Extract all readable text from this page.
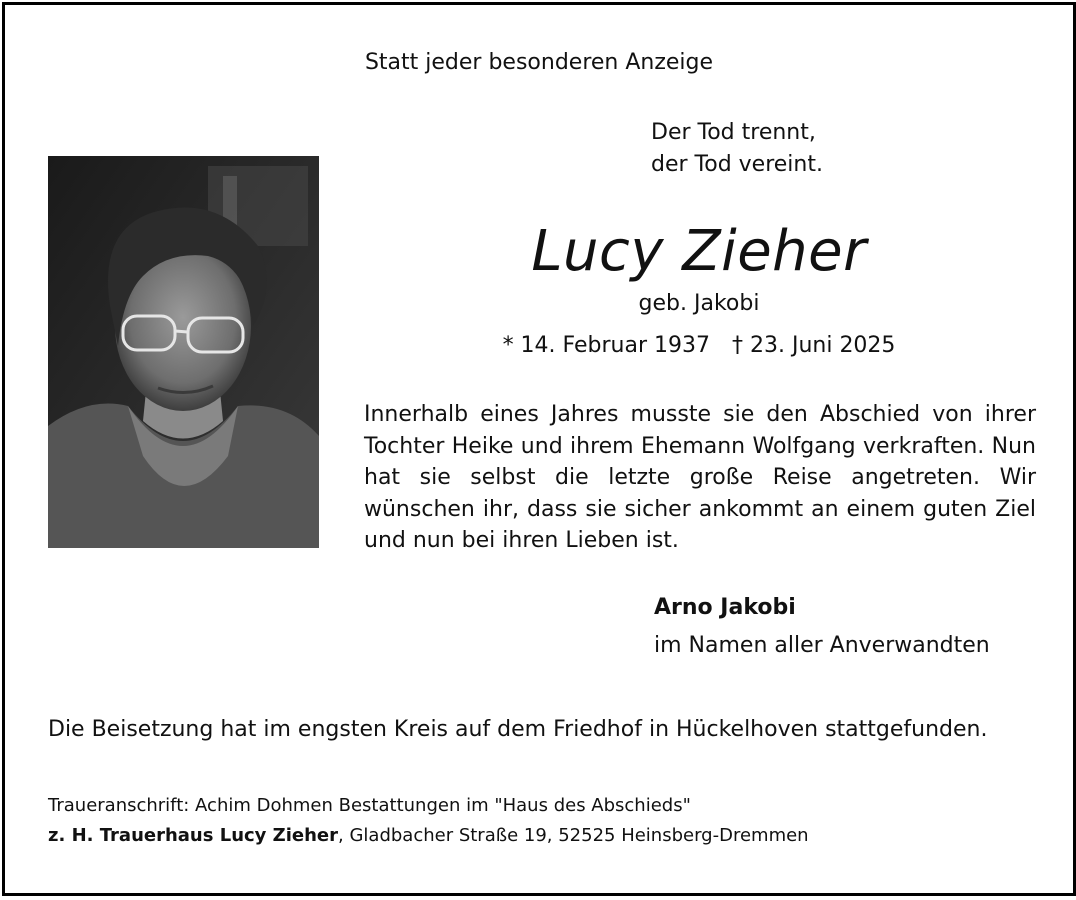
Statt jeder besonderen Anzeige
Der Tod trennt,
der Tod vereint.
Lucy Zieher
geb. Jakobi
* 14. Februar 1937 † 23. Juni 2025
Innerhalb eines Jahres musste sie den Abschied von ihrer Tochter Heike und ihrem Ehemann Wolfgang verkraften. Nun hat sie selbst die letzte große Reise angetreten. Wir wünschen ihr, dass sie sicher ankommt an einem guten Ziel und nun bei ihren Lieben ist.
Arno Jakobi
im Namen aller Anverwandten
Die Beisetzung hat im engsten Kreis auf dem Friedhof in Hückelhoven stattgefunden.
Traueranschrift: Achim Dohmen Bestattungen im "Haus des Abschieds"
z. H. Trauerhaus Lucy Zieher, Gladbacher Straße 19, 52525 Heinsberg-Dremmen
